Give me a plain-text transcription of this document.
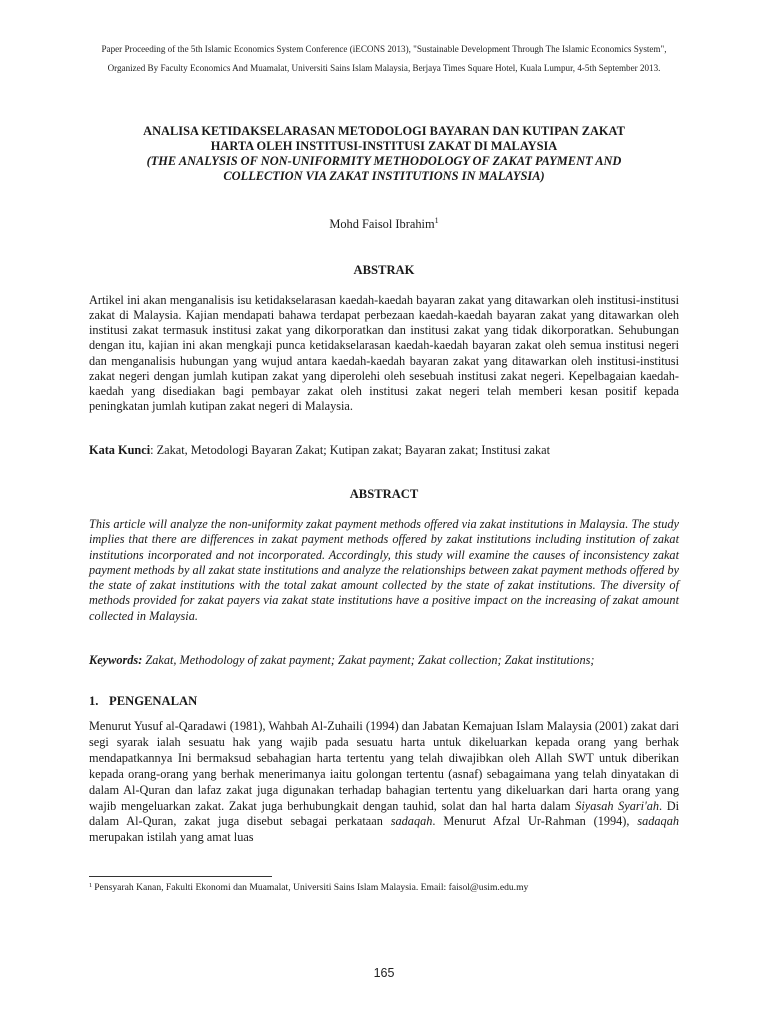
Paper Proceeding of the 5th Islamic Economics System Conference (iECONS 2013), "Sustainable Development Through The Islamic Economics System",
Organized By Faculty Economics And Muamalat, Universiti Sains Islam Malaysia, Berjaya Times Square Hotel, Kuala Lumpur, 4-5th September 2013.
ANALISA KETIDAKSELARASAN METODOLOGI BAYARAN DAN KUTIPAN ZAKAT
HARTA OLEH INSTITUSI-INSTITUSI ZAKAT DI MALAYSIA
(THE ANALYSIS OF NON-UNIFORMITY METHODOLOGY OF ZAKAT PAYMENT AND
COLLECTION VIA ZAKAT INSTITUTIONS IN MALAYSIA)
Mohd Faisol Ibrahim$^1$
ABSTRAK
Artikel ini akan menganalisis isu ketidakselarasan kaedah-kaedah bayaran zakat yang ditawarkan oleh institusi-institusi zakat di Malaysia. Kajian mendapati bahawa terdapat perbezaan kaedah-kaedah bayaran zakat yang ditawarkan oleh institusi zakat termasuk institusi zakat yang dikorporatkan dan institusi zakat yang tidak dikorporatkan. Sehubungan dengan itu, kajian ini akan mengkaji punca ketidakselarasan kaedah-kaedah bayaran zakat oleh semua institusi negeri dan menganalisis hubungan yang wujud antara kaedah-kaedah bayaran zakat yang ditawarkan oleh institusi-institusi zakat negeri dengan jumlah kutipan zakat yang diperolehi oleh sesebuah institusi zakat negeri. Kepelbagaian kaedah-kaedah yang disediakan bagi pembayar zakat oleh institusi zakat negeri telah memberi kesan positif kepada peningkatan jumlah kutipan zakat negeri di Malaysia.
Kata Kunci: Zakat, Metodologi Bayaran Zakat; Kutipan zakat; Bayaran zakat; Institusi zakat
ABSTRACT
This article will analyze the non-uniformity zakat payment methods offered via zakat institutions in Malaysia. The study implies that there are differences in zakat payment methods offered by zakat institutions including institution of zakat institutions incorporated and not incorporated. Accordingly, this study will examine the causes of inconsistency zakat payment methods by all zakat state institutions and analyze the relationships between zakat payment methods offered by the state of zakat institutions with the total zakat amount collected by the state of zakat institutions. The diversity of methods provided for zakat payers via zakat state institutions have a positive impact on the increasing of zakat amount collected in Malaysia.
Keywords: Zakat, Methodology of zakat payment; Zakat payment; Zakat collection; Zakat institutions;
1. PENGENALAN
Menurut Yusuf al-Qaradawi (1981), Wahbah Al-Zuhaili (1994) dan Jabatan Kemajuan Islam Malaysia (2001) zakat dari segi syarak ialah sesuatu hak yang wajib pada sesuatu harta untuk dikeluarkan kepada orang yang berhak mendapatkannya Ini bermaksud sebahagian harta tertentu yang telah diwajibkan oleh Allah SWT untuk diberikan kepada orang-orang yang berhak menerimanya iaitu golongan tertentu (asnaf) sebagaimana yang telah dinyatakan di dalam Al-Quran dan lafaz zakat juga digunakan terhadap bahagian tertentu yang dikeluarkan dari harta orang yang wajib mengeluarkan zakat. Zakat juga berhubungkait dengan tauhid, solat dan hal harta dalam Siyasah Syari'ah. Di dalam Al-Quran, zakat juga disebut sebagai perkataan sadaqah. Menurut Afzal Ur-Rahman (1994), sadaqah merupakan istilah yang amat luas
$^1$ Pensyarah Kanan, Fakulti Ekonomi dan Muamalat, Universiti Sains Islam Malaysia. Email: faisol@usim.edu.my
165
